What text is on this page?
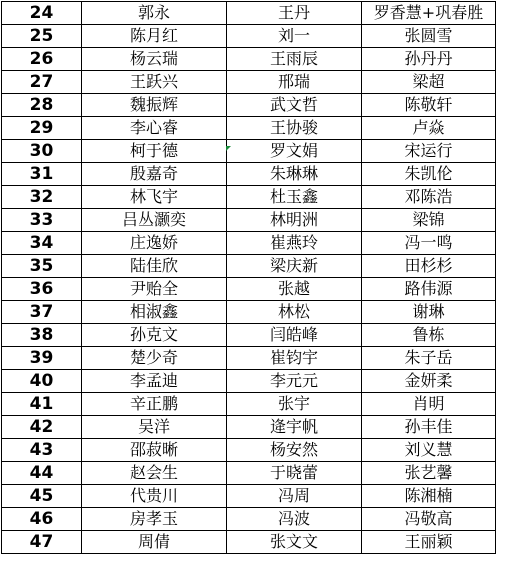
24	郭永	王丹	罗香慧+巩春胜
25	陈月红	刘一	张圆雪
26	杨云瑞	王雨辰	孙丹丹
27	王跃兴	邢瑞	梁超
28	魏振辉	武文哲	陈敬轩
29	李心睿	王协骏	卢焱
30	柯于德	罗文娟	宋运行
31	殷嘉奇	朱琳琳	朱凯伦
32	林飞宇	杜玉鑫	邓陈浩
33	吕丛灏奕	林明洲	梁锦
34	庄逸娇	崔燕玲	冯一鸣
35	陆佳欣	梁庆新	田杉杉
36	尹贻全	张越	路伟源
37	相淑鑫	林松	谢琳
38	孙克文	闫皓峰	鲁栋
39	楚少奇	崔钧宇	朱子岳
40	李孟迪	李元元	金妍柔
41	辛正鹏	张宇	肖明
42	吴洋	逄宇帆	孙丰佳
43	邵菽晰	杨安然	刘义慧
44	赵会生	于晓蕾	张艺馨
45	代贵川	冯周	陈湘楠
46	房孝玉	冯波	冯敬高
47	周倩	张文文	王丽颖
